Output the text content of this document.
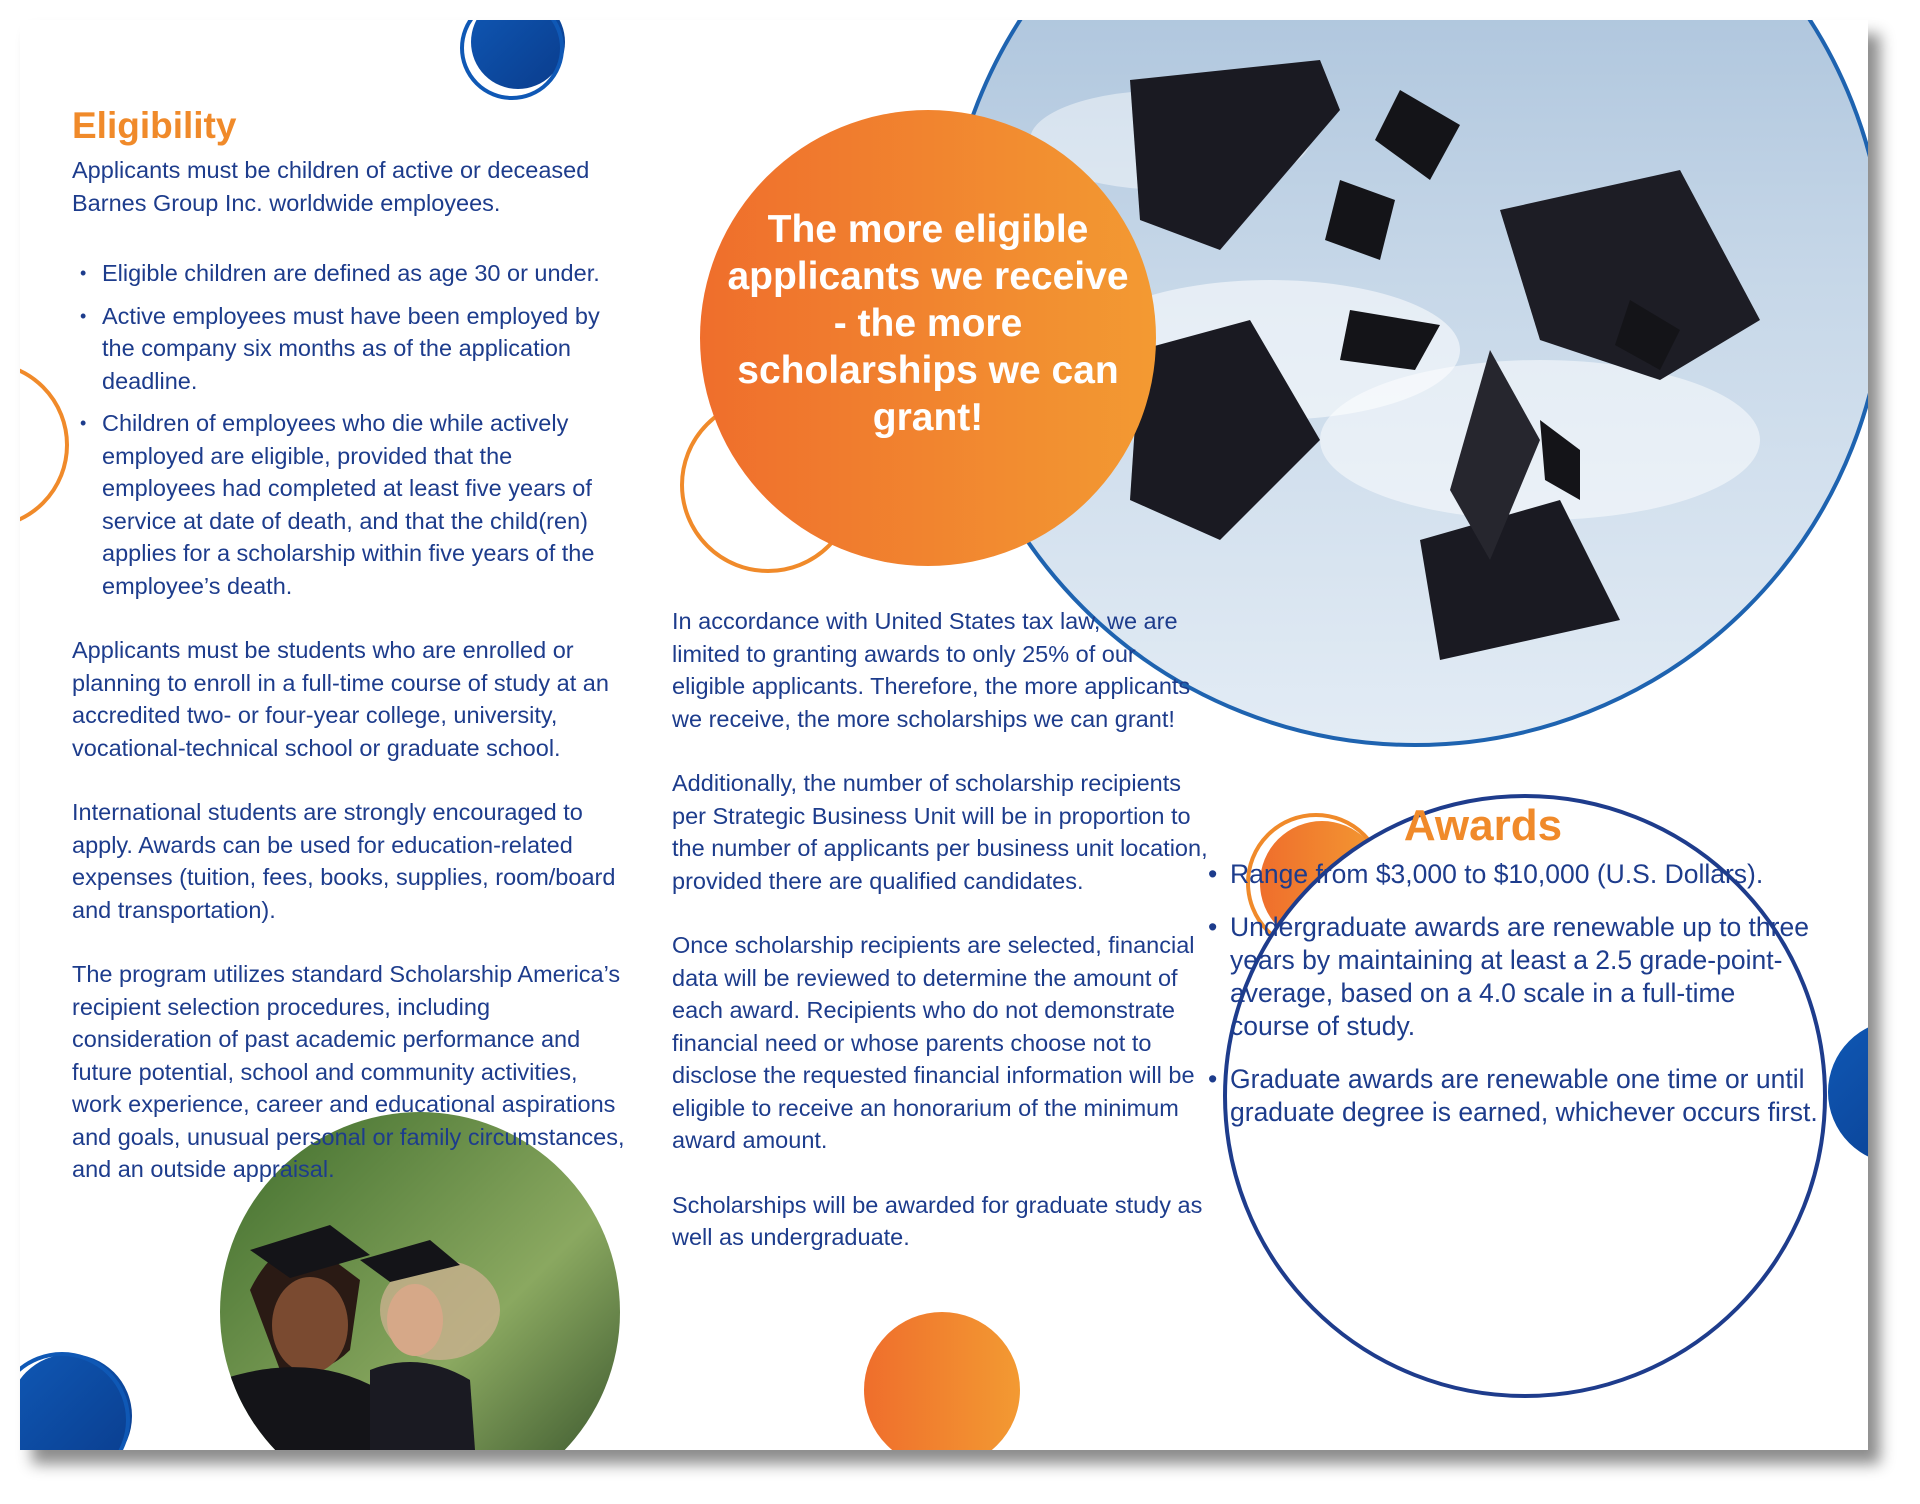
Eligibility

Applicants must be children of active or deceased Barnes Group Inc. worldwide employees.

• Eligible children are defined as age 30 or under.
• Active employees must have been employed by the company six months as of the application deadline.
• Children of employees who die while actively employed are eligible, provided that the employees had completed at least five years of service at date of death, and that the child(ren) applies for a scholarship within five years of the employee’s death.

Applicants must be students who are enrolled or planning to enroll in a full-time course of study at an accredited two- or four-year college, university, vocational-technical school or graduate school.

International students are strongly encouraged to apply. Awards can be used for education-related expenses (tuition, fees, books, supplies, room/board and transportation).

The program utilizes standard Scholarship America’s recipient selection procedures, including consideration of past academic performance and future potential, school and community activities, work experience, career and educational aspirations and goals, unusual personal or family circumstances, and an outside appraisal.

The more eligible applicants we receive - the more scholarships we can grant!

In accordance with United States tax law, we are limited to granting awards to only 25% of our eligible applicants. Therefore, the more applicants we receive, the more scholarships we can grant!

Additionally, the number of scholarship recipients per Strategic Business Unit will be in proportion to the number of applicants per business unit location, provided there are qualified candidates.

Once scholarship recipients are selected, financial data will be reviewed to determine the amount of each award. Recipients who do not demonstrate financial need or whose parents choose not to disclose the requested financial information will be eligible to receive an honorarium of the minimum award amount.

Scholarships will be awarded for graduate study as well as undergraduate.

Awards
• Range from $3,000 to $10,000 (U.S. Dollars).
• Undergraduate awards are renewable up to three years by maintaining at least a 2.5 grade-point-average, based on a 4.0 scale in a full-time course of study.
• Graduate awards are renewable one time or until graduate degree is earned, whichever occurs first.
